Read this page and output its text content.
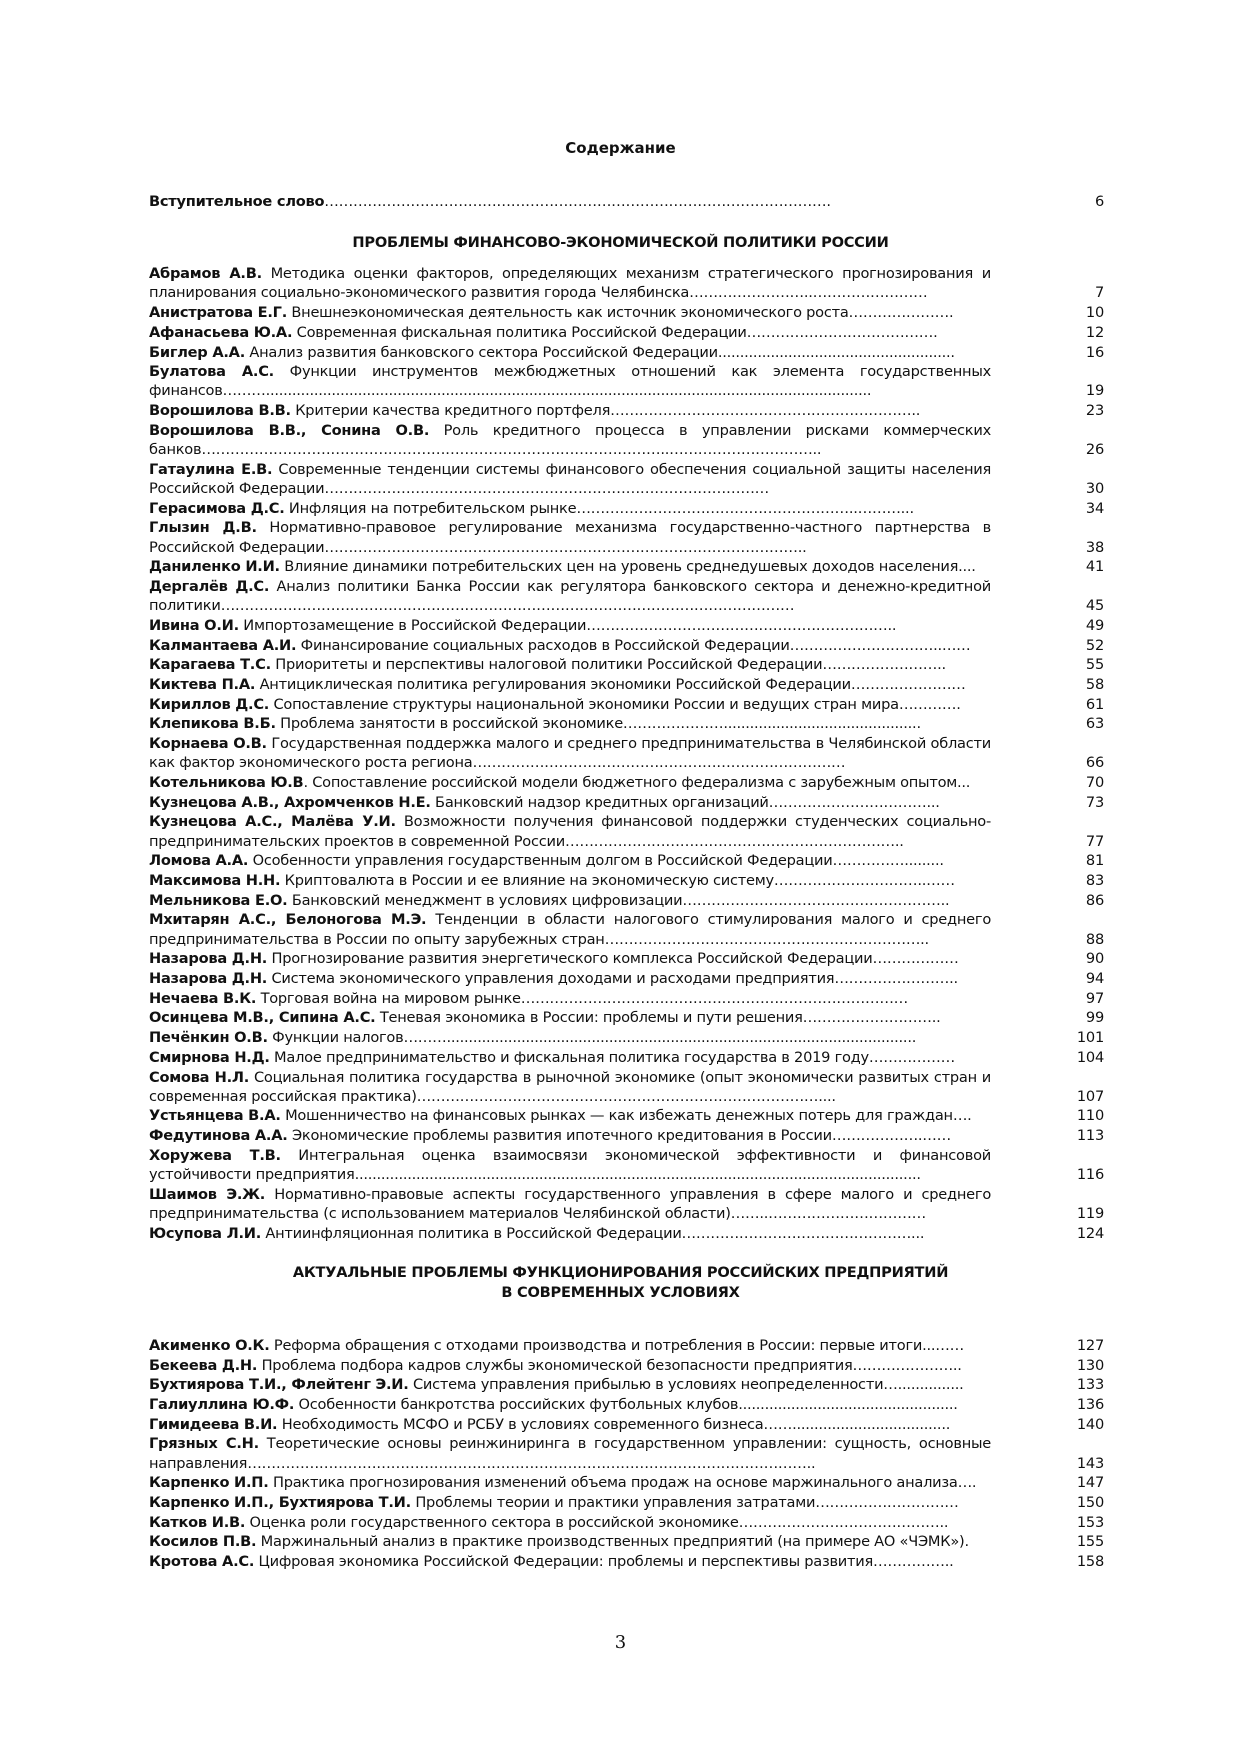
Содержание
Вступительное слово…………………………………………………………………………………………….	6
ПРОБЛЕМЫ ФИНАНСОВО-ЭКОНОМИЧЕСКОЙ ПОЛИТИКИ РОССИИ
Абрамов А.В. Методика оценки факторов, определяющих механизм стратегического прогнозирования и планирования социально-экономического развития города Челябинска……………………..……………………	7
Анистратова Е.Г. Внешнеэкономическая деятельность как источник экономического роста………………….	10
Афанасьева Ю.А. Современная фискальная политика Российской Федерации………………………………….	12
Биглер А.А. Анализ развития банковского сектора Российской Федерации......................................................	16
Булатова А.С. Функции инструментов межбюджетных отношений как элемента государственных финансов………..........................................................................................................................................	19
Ворошилова В.В. Критерии качества кредитного портфеля………………………………………………………..	23
Ворошилова В.В., Сонина О.В. Роль кредитного процесса в управлении рисками коммерческих банков……………………………………………………………………………………..…………………………..	26
Гатаулина Е.В. Современные тенденции системы финансового обеспечения социальной защиты населения Российской Федерации…………………………………………………………………………………	30
Герасимова Д.С. Инфляция на потребительском рынке…………………………………………………..………...	34
Глызин Д.В. Нормативно-правовое регулирование механизма государственно-частного партнерства в Российской Федерации………………………………………………………………………………………..	38
Даниленко И.И. Влияние динамики потребительских цен на уровень среднедушевых доходов населения....	41
Дергалёв Д.С. Анализ политики Банка России как регулятора банковского сектора и денежно-кредитной политики…………………………………………………………………………………………………………	45
Ивина О.И. Импортозамещение в Российской Федерации………………………………………………………..	49
Калмантаева А.И. Финансирование социальных расходов в Российской Федерации…………………………..……	52
Карагаева Т.С. Приоритеты и перспективы налоговой политики Российской Федерации……………………..	55
Киктева П.А. Антициклическая политика регулирования экономики Российской Федерации……………………	58
Кириллов Д.С. Сопоставление структуры национальной экономики России и ведущих стран мира………….	61
Клепикова В.Б. Проблема занятости в российской экономике………………….............................................	63
Корнаева О.В. Государственная поддержка малого и среднего предпринимательства в Челябинской области как фактор экономического роста региона……………………………………………………………………	66
Котельникова Ю.В. Сопоставление российской модели бюджетного федерализма с зарубежным опытом...	70
Кузнецова А.В., Ахромченков Н.Е. Банковский надзор кредитных организаций……………………………...	73
Кузнецова А.С., Малёва У.И. Возможности получения финансовой поддержки студенческих социально-предпринимательских проектов в современной России……………………………………………………………..	77
Ломова А.А. Особенности управления государственным долгом в Российской Федерации…………….........	81
Максимова Н.Н. Криптовалюта в России и ее влияние на экономическую систему…………………………..……	83
Мельникова Е.О. Банковский менеджмент в условиях цифровизации………………………………………………..	86
Мхитарян А.С., Белоногова М.Э. Тенденции в области налогового стимулирования малого и среднего предпринимательства в России по опыту зарубежных стран…………………………………………………………..	88
Назарова Д.Н. Прогнозирование развития энергетического комплекса Российской Федерации………………	90
Назарова Д.Н. Система экономического управления доходами и расходами предприятия……………………..	94
Нечаева В.К. Торговая война на мировом рынке………………………………………………………………………	97
Осинцева М.В., Сипина А.С. Теневая экономика в России: проблемы и пути решения………………………..	99
Печёнкин О.В. Функции налогов………...........................................................................................................	101
Смирнова Н.Д. Малое предпринимательство и фискальная политика государства в 2019 году………………	104
Сомова Н.Л. Социальная политика государства в рыночной экономике (опыт экономически развитых стран и современная российская практика)…………………………………………………………………………....	107
Устьянцева В.А. Мошенничество на финансовых рынках — как избежать денежных потерь для граждан….	110
Федутинова А.А. Экономические проблемы развития ипотечного кредитования в России……………….……	113
Хоружева Т.В. Интегральная оценка взаимосвязи экономической эффективности и финансовой устойчивости предприятия.................................................................................................................................	116
Шаимов Э.Ж. Нормативно-правовые аспекты государственного управления в сфере малого и среднего предпринимательства (с использованием материалов Челябинской области)……..……………………………	119
Юсупова Л.И. Антиинфляционная политика в Российской Федерации…………………………………………...	124
АКТУАЛЬНЫЕ ПРОБЛЕМЫ ФУНКЦИОНИРОВАНИЯ РОССИЙСКИХ ПРЕДПРИЯТИЙ
В СОВРЕМЕННЫХ УСЛОВИЯХ
Акименко О.К. Реформа обращения с отходами производства и потребления в России: первые итоги...……	127
Бекеева Д.Н. Проблема подбора кадров службы экономической безопасности предприятия…………………..	130
Бухтиярова Т.И., Флейтенг Э.И. Система управления прибылью в условиях неопределенности…...............	133
Галиуллина Ю.Ф. Особенности банкротства российских футбольных клубов..................................................	136
Гимидеева В.И. Необходимость МСФО и РСБУ в условиях современного бизнеса……....................................	140
Грязных С.Н. Теоретические основы реинжиниринга в государственном управлении: сущность, основные направления………………………………………………………………………………………………………..	143
Карпенко И.П. Практика прогнозирования изменений объема продаж на основе маржинального анализа….	147
Карпенко И.П., Бухтиярова Т.И. Проблемы теории и практики управления затратами…………………………	150
Катков И.В. Оценка роли государственного сектора в российской экономике……………………………………..	153
Косилов П.В. Маржинальный анализ в практике производственных предприятий (на примере АО «ЧЭМК»).	155
Кротова А.С. Цифровая экономика Российской Федерации: проблемы и перспективы развития……………..	158
3
